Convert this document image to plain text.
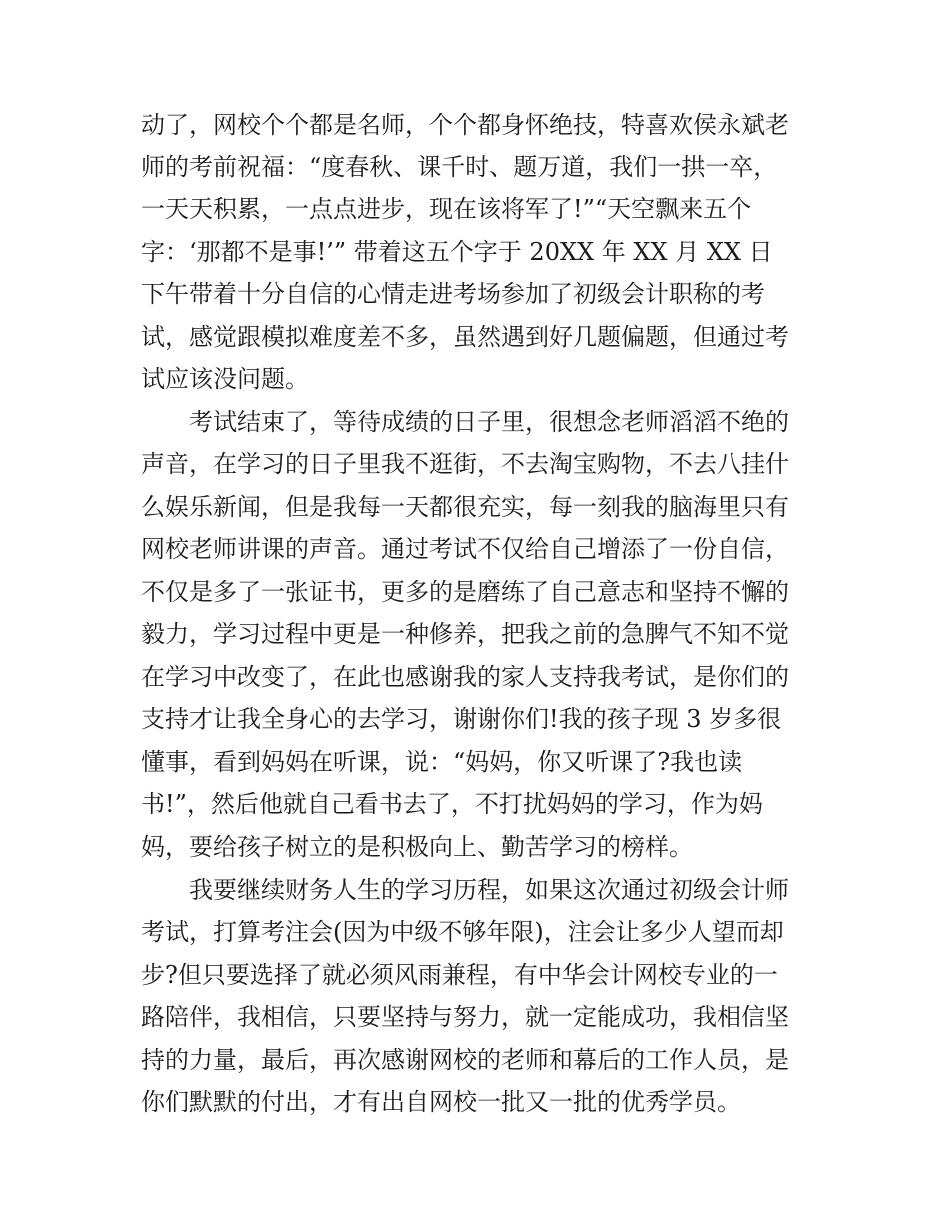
动了，网校个个都是名师，个个都身怀绝技，特喜欢侯永斌老
师的考前祝福：“度春秋、课千时、题万道，我们一拱一卒，
一天天积累，一点点进步，现在该将军了!”“天空飘来五个
字：‘那都不是事!’” 带着这五个字于 20XX 年 XX 月 XX 日
下午带着十分自信的心情走进考场参加了初级会计职称的考
试，感觉跟模拟难度差不多，虽然遇到好几题偏题，但通过考
试应该没问题。
　　考试结束了，等待成绩的日子里，很想念老师滔滔不绝的
声音，在学习的日子里我不逛街，不去淘宝购物，不去八挂什
么娱乐新闻，但是我每一天都很充实，每一刻我的脑海里只有
网校老师讲课的声音。通过考试不仅给自己增添了一份自信，
不仅是多了一张证书，更多的是磨练了自己意志和坚持不懈的
毅力，学习过程中更是一种修养，把我之前的急脾气不知不觉
在学习中改变了，在此也感谢我的家人支持我考试，是你们的
支持才让我全身心的去学习，谢谢你们!我的孩子现 3 岁多很
懂事，看到妈妈在听课，说：“妈妈，你又听课了?我也读
书!”，然后他就自己看书去了，不打扰妈妈的学习，作为妈
妈，要给孩子树立的是积极向上、勤苦学习的榜样。
　　我要继续财务人生的学习历程，如果这次通过初级会计师
考试，打算考注会(因为中级不够年限)，注会让多少人望而却
步?但只要选择了就必须风雨兼程，有中华会计网校专业的一
路陪伴，我相信，只要坚持与努力，就一定能成功，我相信坚
持的力量，最后，再次感谢网校的老师和幕后的工作人员，是
你们默默的付出，才有出自网校一批又一批的优秀学员。
